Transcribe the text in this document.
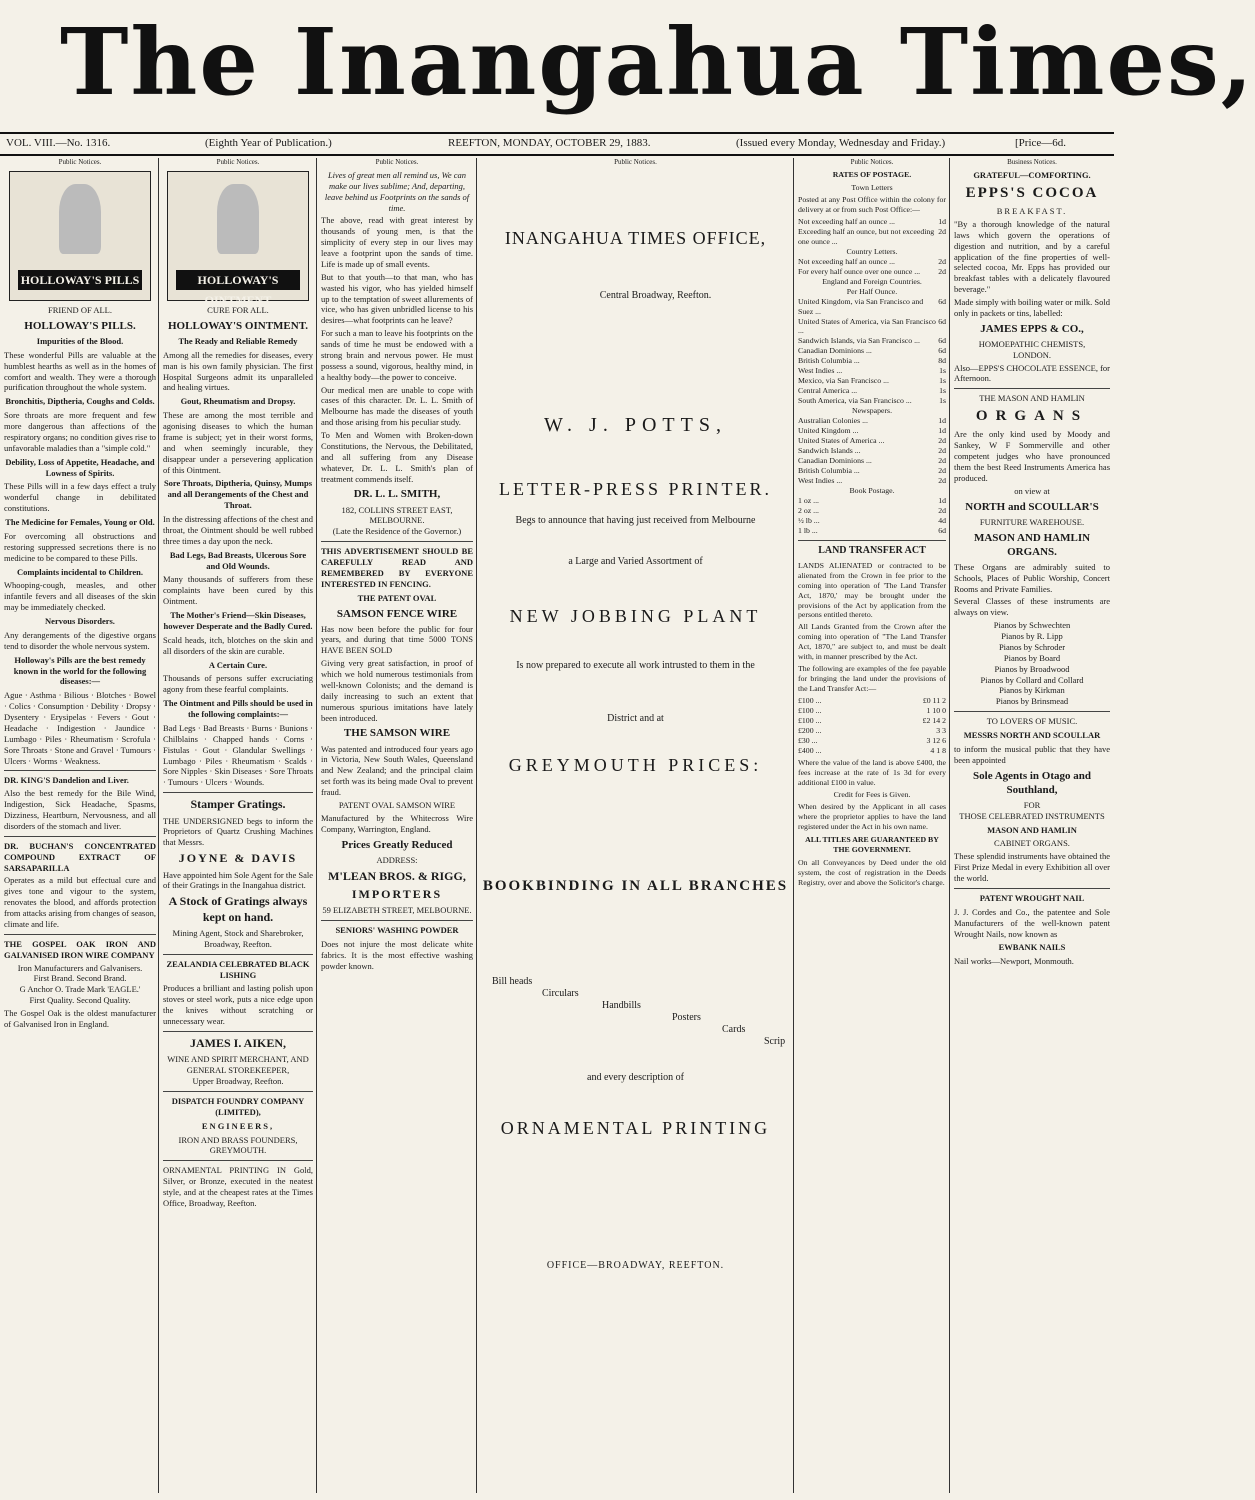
The Inangahua Times,
VOL. VIII.—No. 1316.	(Eighth Year of Publication.)	REEFTON, MONDAY, OCTOBER 29, 1883.	(Issued every Monday, Wednesday and Friday.)	[Price—6d.
Public Notices.
HOLLOWAY'S PILLS
FRIEND OF ALL.
HOLLOWAY'S PILLS.
Impurities of the Blood.
These wonderful Pills are valuable at the humblest hearths as well as in the homes of comfort and wealth. They were a thorough purification throughout the whole system.
Bronchitis, Diptheria, Coughs and Colds.
Sore throats are more frequent and few more dangerous than affections of the respiratory organs; no condition gives rise to unfavorable maladies than a "simple cold."
Debility, Loss of Appetite, Headache, and Lowness of Spirits.
These Pills will in a few days effect a truly wonderful change in debilitated constitutions.
The Medicine for Females, Young or Old.
For overcoming all obstructions and restoring suppressed secretions there is no medicine to be compared to these Pills.
Complaints incidental to Children.
Whooping-cough, measles, and other infantile fevers and all diseases of the skin may be immediately checked.
Nervous Disorders.
Any derangements of the digestive organs tend to disorder the whole nervous system.
Holloway's Pills are the best remedy known in the world for the following diseases:—
Ague · Asthma · Bilious · Blotches · Bowel · Colics · Consumption · Debility · Dropsy · Dysentery · Erysipelas · Fevers · Gout · Headache · Indigestion · Jaundice · Lumbago · Piles · Rheumatism · Scrofula · Sore Throats · Stone and Gravel · Tumours · Ulcers · Worms · Weakness.
DR. KING'S Dandelion and Liver.
Also the best remedy for the Bile Wind, Indigestion, Sick Headache, Spasms, Dizziness, Heartburn, Nervousness, and all disorders of the stomach and liver.
DR. BUCHAN'S CONCENTRATED COMPOUND EXTRACT OF SARSAPARILLA
Operates as a mild but effectual cure and gives tone and vigour to the system, renovates the blood, and affords protection from attacks arising from changes of season, climate and life.
THE GOSPEL OAK IRON AND GALVANISED IRON WIRE COMPANY
Iron Manufacturers and Galvanisers.
First Brand. Second Brand.
G Anchor O. Trade Mark 'EAGLE.'
First Quality. Second Quality.
The Gospel Oak is the oldest manufacturer of Galvanised Iron in England.
Public Notices.
HOLLOWAY'S OINTMENT
CURE FOR ALL.
HOLLOWAY'S OINTMENT.
The Ready and Reliable Remedy
Among all the remedies for diseases, every man is his own family physician. The first Hospital Surgeons admit its unparalleled and healing virtues.
Gout, Rheumatism and Dropsy.
These are among the most terrible and agonising diseases to which the human frame is subject; yet in their worst forms, and when seemingly incurable, they disappear under a persevering application of this Ointment.
Sore Throats, Diptheria, Quinsy, Mumps and all Derangements of the Chest and Throat.
In the distressing affections of the chest and throat, the Ointment should be well rubbed three times a day upon the neck.
Bad Legs, Bad Breasts, Ulcerous Sore and Old Wounds.
Many thousands of sufferers from these complaints have been cured by this Ointment.
The Mother's Friend—Skin Diseases, however Desperate and the Badly Cured.
Scald heads, itch, blotches on the skin and all disorders of the skin are curable.
A Certain Cure.
Thousands of persons suffer excruciating agony from these fearful complaints.
The Ointment and Pills should be used in the following complaints:—
Bad Legs · Bad Breasts · Burns · Bunions · Chilblains · Chapped hands · Corns · Fistulas · Gout · Glandular Swellings · Lumbago · Piles · Rheumatism · Scalds · Sore Nipples · Skin Diseases · Sore Throats · Tumours · Ulcers · Wounds.
Stamper Gratings.
THE UNDERSIGNED begs to inform the Proprietors of Quartz Crushing Machines that Messrs.
JOYNE & DAVIS
Have appointed him Sole Agent for the Sale of their Gratings in the Inangahua district.
A Stock of Gratings always kept on hand.
Mining Agent, Stock and Sharebroker, Broadway, Reefton.
ZEALANDIA CELEBRATED BLACK LISHING
Produces a brilliant and lasting polish upon stoves or steel work, puts a nice edge upon the knives without scratching or unnecessary wear.
JAMES I. AIKEN,
WINE AND SPIRIT MERCHANT, AND GENERAL STOREKEEPER,
Upper Broadway, Reefton.
DISPATCH FOUNDRY COMPANY (LIMITED),
ENGINEERS,
IRON AND BRASS FOUNDERS, GREYMOUTH.
ORNAMENTAL PRINTING IN Gold, Silver, or Bronze, executed in the neatest style, and at the cheapest rates at the Times Office, Broadway, Reefton.
Public Notices.
Lives of great men all remind us, We can make our lives sublime; And, departing, leave behind us Footprints on the sands of time.
The above, read with great interest by thousands of young men, is that the simplicity of every step in our lives may leave a footprint upon the sands of time. Life is made up of small events.
But to that youth—to that man, who has wasted his vigor, who has yielded himself up to the temptation of sweet allurements of vice, who has given unbridled license to his desires—what footprints can he leave?
For such a man to leave his footprints on the sands of time he must be endowed with a strong brain and nervous power. He must possess a sound, vigorous, healthy mind, in a healthy body—the power to conceive.
Our medical men are unable to cope with cases of this character. Dr. L. L. Smith of Melbourne has made the diseases of youth and those arising from his peculiar study.
To Men and Women with Broken-down Constitutions, the Nervous, the Debilitated, and all suffering from any Disease whatever, Dr. L. L. Smith's plan of treatment commends itself.
DR. L. L. SMITH,
182, COLLINS STREET EAST, MELBOURNE.
(Late the Residence of the Governor.)
THIS ADVERTISEMENT SHOULD BE CAREFULLY READ AND REMEMBERED BY EVERYONE INTERESTED IN FENCING.
THE PATENT OVAL
SAMSON FENCE WIRE
Has now been before the public for four years, and during that time 5000 TONS HAVE BEEN SOLD
Giving very great satisfaction, in proof of which we hold numerous testimonials from well-known Colonists; and the demand is daily increasing to such an extent that numerous spurious imitations have lately been introduced.
THE SAMSON WIRE
Was patented and introduced four years ago in Victoria, New South Wales, Queensland and New Zealand; and the principal claim set forth was its being made Oval to prevent fraud.
PATENT OVAL SAMSON WIRE
Manufactured by the Whitecross Wire Company, Warrington, England.
Prices Greatly Reduced
ADDRESS:
M'LEAN BROS. & RIGG,
IMPORTERS
59 ELIZABETH STREET, MELBOURNE.
SENIORS' WASHING POWDER
Does not injure the most delicate white fabrics. It is the most effective washing powder known.
Public Notices.
INANGAHUA TIMES OFFICE,
Central Broadway, Reefton.
W. J. POTTS,
LETTER-PRESS PRINTER.
Begs to announce that having just received from Melbourne
a Large and Varied Assortment of
NEW JOBBING PLANT
Is now prepared to execute all work intrusted to them in the
District and at
GREYMOUTH PRICES:
BOOKBINDING IN ALL BRANCHES
Bill heads
Circulars
Handbills
Posters
Cards
Scrip
and every description of
ORNAMENTAL PRINTING
OFFICE—BROADWAY, REEFTON.
Public Notices.
RATES OF POSTAGE.
Town Letters
Posted at any Post Office within the colony for delivery at or from such Post Office:—
Not exceeding half an ounce ...	1d
Exceeding half an ounce, but not exceeding one ounce ...
2d
Country Letters.
Not exceeding half an ounce ...	2d
For every half ounce over one ounce ... 2d
England and Foreign Countries.
Per Half Ounce.
United Kingdom, via San Francisco and Suez ...
6d
United States of America, via San Francisco ...
6d
Sandwich Islands, via San Francisco ... 6d
Canadian Dominions ...	6d
British Columbia ...	8d
West Indies ...	1s
Mexico, via San Francisco ...	1s
Central America ...	1s
South America, via San Francisco ...	1s
Newspapers.
Australian Colonies ...	1d
United Kingdom ...	1d
United States of America ...	2d
Sandwich Islands ...	2d
Canadian Dominions ...	2d
British Columbia ...	2d
West Indies ...	2d
Book Postage.
1 oz ...	1d
2 oz ...	2d
½ lb ...	4d
1 lb ...	6d
LAND TRANSFER ACT
LANDS ALIENATED or contracted to be alienated from the Crown in fee prior to the coming into operation of 'The Land Transfer Act, 1870,' may be brought under the provisions of the Act by application from the persons entitled thereto.
All Lands Granted from the Crown after the coming into operation of "The Land Transfer Act, 1870," are subject to, and must be dealt with, in manner prescribed by the Act.
The following are examples of the fee payable for bringing the land under the provisions of the Land Transfer Act:—
£100 ...	£0 11 2
£100 ...	1 10 0
£100 ...	£2 14 2
£200 ...	3 3
£30 ...	3 12 6
£400 ...	4 1 8
Where the value of the land is above £400, the fees increase at the rate of 1s 3d for every additional £100 in value.
Credit for Fees is Given.
When desired by the Applicant in all cases where the proprietor applies to have the land registered under the Act in his own name.
ALL TITLES ARE GUARANTEED BY THE GOVERNMENT.
On all Conveyances by Deed under the old system, the cost of registration in the Deeds Registry, over and above the Solicitor's charge.
Business Notices.
GRATEFUL—COMFORTING.
EPPS'S COCOA
BREAKFAST.
"By a thorough knowledge of the natural laws which govern the operations of digestion and nutrition, and by a careful application of the fine properties of well-selected cocoa, Mr. Epps has provided our breakfast tables with a delicately flavoured beverage."
Made simply with boiling water or milk. Sold only in packets or tins, labelled:
JAMES EPPS & CO.,
HOMOEPATHIC CHEMISTS,
LONDON.
Also—EPPS'S CHOCOLATE ESSENCE, for Afternoon.
THE MASON AND HAMLIN
ORGANS
Are the only kind used by Moody and Sankey, W F Sommerville and other competent judges who have pronounced them the best Reed Instruments America has produced.
on view at
NORTH and SCOULLAR'S
FURNITURE WAREHOUSE.
MASON AND HAMLIN ORGANS.
These Organs are admirably suited to Schools, Places of Public Worship, Concert Rooms and Private Families.
Several Classes of these instruments are always on view.
Pianos by Schwechten
Pianos by R. Lipp
Pianos by Schroder
Pianos by Board
Pianos by Broadwood
Pianos by Collard and Collard
Pianos by Kirkman
Pianos by Brinsmead
TO LOVERS OF MUSIC.
MESSRS NORTH AND SCOULLAR
to inform the musical public that they have been appointed
Sole Agents in Otago and Southland,
FOR
THOSE CELEBRATED INSTRUMENTS
MASON AND HAMLIN
CABINET ORGANS.
These splendid instruments have obtained the First Prize Medal in every Exhibition all over the world.
PATENT WROUGHT NAIL
J. J. Cordes and Co., the patentee and Sole Manufacturers of the well-known patent Wrought Nails, now known as
EWBANK NAILS
Nail works—Newport, Monmouth.
